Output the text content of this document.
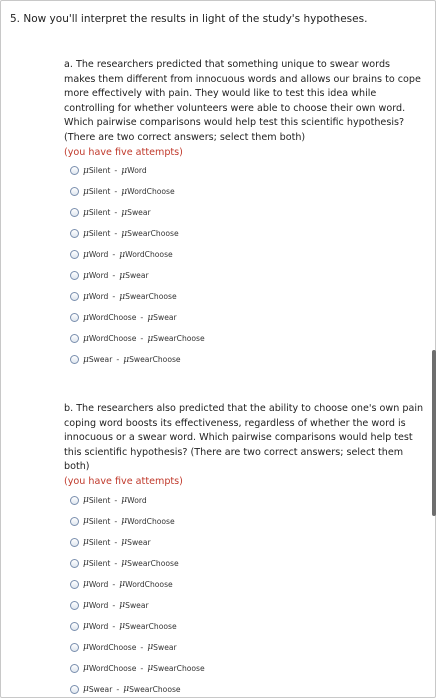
5. Now you'll interpret the results in light of the study's hypotheses.

a. The researchers predicted that something unique to swear words makes them different from innocuous words and allows our brains to cope more effectively with pain. They would like to test this idea while controlling for whether volunteers were able to choose their own word. Which pairwise comparisons would help test this scientific hypothesis? (There are two correct answers; select them both)

(you have five attempts)

μ Silent - μ Word
μ Silent - μ WordChoose
μ Silent - μ Swear
μ Silent - μ SwearChoose
μ Word - μ WordChoose
μ Word - μ Swear
μ Word - μ SwearChoose
μ WordChoose - μ Swear
μ WordChoose - μ SwearChoose
μ Swear - μ SwearChoose

b. The researchers also predicted that the ability to choose one's own pain coping word boosts its effectiveness, regardless of whether the word is innocuous or a swear word. Which pairwise comparisons would help test this scientific hypothesis? (There are two correct answers; select them both)

(you have five attempts)

μ Silent - μ Word
μ Silent - μ WordChoose
μ Silent - μ Swear
μ Silent - μ SwearChoose
μ Word - μ WordChoose
μ Word - μ Swear
μ Word - μ SwearChoose
μ WordChoose - μ Swear
μ WordChoose - μ SwearChoose
μ Swear - μ SwearChoose
